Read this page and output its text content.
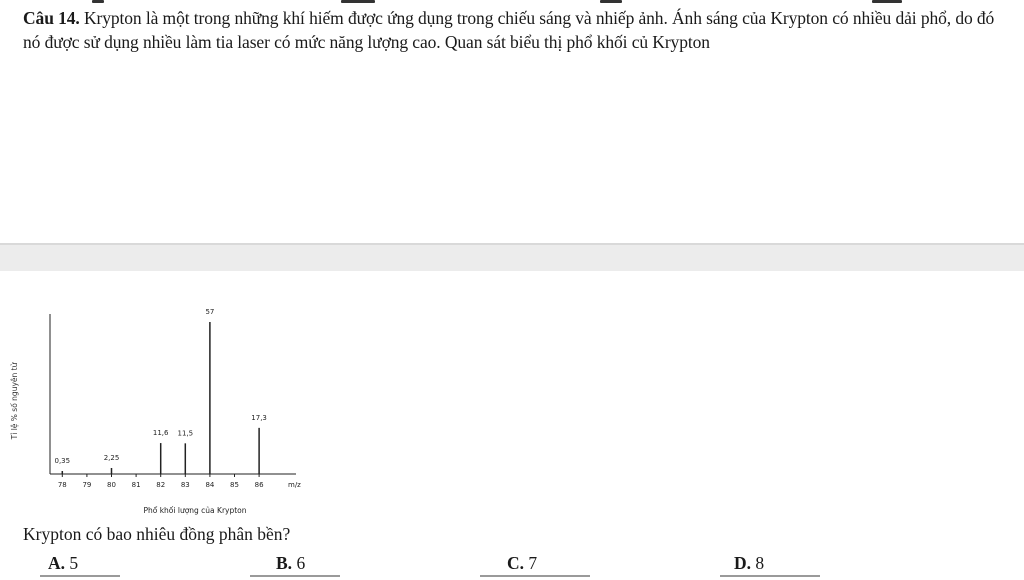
Câu 14. Krypton là một trong những khí hiếm được ứng dụng trong chiếu sáng và nhiếp ảnh. Ánh sáng của Krypton có nhiều dải phổ, do đó nó được sử dụng nhiều làm tia laser có mức năng lượng cao. Quan sát biểu thị phổ khối củ Krypton
Tỉ lệ % số nguyên tử
78 79 80 81 82 83 84 85 86	m/z
0,35	2,25
11,6 11,5
57
17,3
Phổ khối lượng của Krypton
Krypton có bao nhiêu đồng phân bền?
A. 5	B. 6	C. 7	D. 8
